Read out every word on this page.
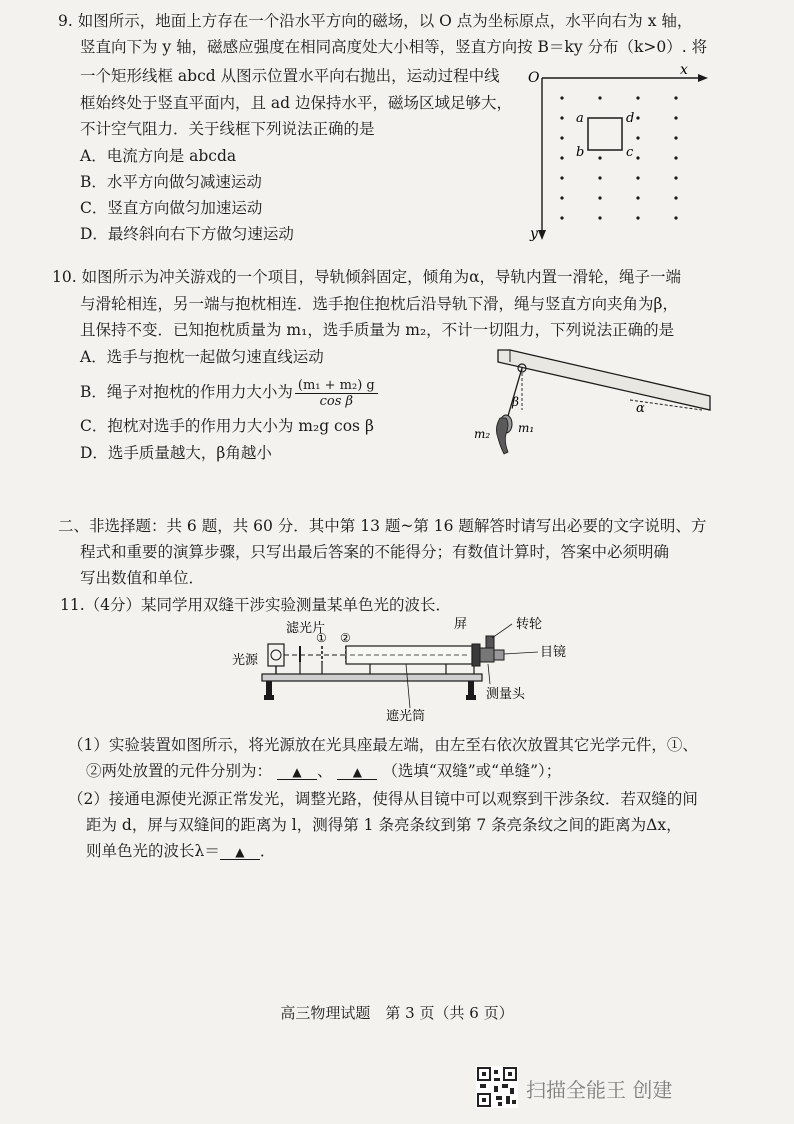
9. 如图所示，地面上方存在一个沿水平方向的磁场，以 O 点为坐标原点，水平向右为 x 轴，
竖直向下为 y 轴，磁感应强度在相同高度处大小相等，竖直方向按 B＝ky 分布（k>0）. 将
一个矩形线框 abcd 从图示位置水平向右抛出，运动过程中线
框始终处于竖直平面内，且 ad 边保持水平，磁场区域足够大，
不计空气阻力．关于线框下列说法正确的是
A．电流方向是 abcda
B．水平方向做匀减速运动
C．竖直方向做匀加速运动
D．最终斜向右下方做匀速运动
O	x
y
a	d
b	c
10. 如图所示为冲关游戏的一个项目，导轨倾斜固定，倾角为α，导轨内置一滑轮，绳子一端
与滑轮相连，另一端与抱枕相连．选手抱住抱枕后沿导轨下滑，绳与竖直方向夹角为β，
且保持不变．已知抱枕质量为 m₁，选手质量为 m₂，不计一切阻力，下列说法正确的是
A．选手与抱枕一起做匀速直线运动
B．绳子对抱枕的作用力大小为 $\frac{\text{(m₁ + m₂) g}}{\text{cos β}}$
C．抱枕对选手的作用力大小为 m₂g cos β
D．选手质量越大，β角越小
α
β
m₂ m₁
二、非选择题：共 6 题，共 60 分．其中第 13 题~第 16 题解答时请写出必要的文字说明、方
程式和重要的演算步骤，只写出最后答案的不能得分；有数值计算时，答案中必须明确
写出数值和单位．
11.（4分）某同学用双缝干涉实验测量某单色光的波长．
光源
滤光片
① ②
屏	转轮
目镜
测量头
遮光筒
（1）实验装置如图所示，将光源放在光具座最左端，由左至右依次放置其它光学元件，①、
②两处放置的元件分别为： ▲ 、 ▲ （选填“双缝”或“单缝”）；
（2）接通电源使光源正常发光，调整光路，使得从目镜中可以观察到干涉条纹．若双缝的间
距为 d，屏与双缝间的距离为 l，测得第 1 条亮条纹到第 7 条亮条纹之间的距离为Δx，
则单色光的波长λ＝ ▲ ．
高三物理试题　第 3 页（共 6 页）
扫描全能王 创建
